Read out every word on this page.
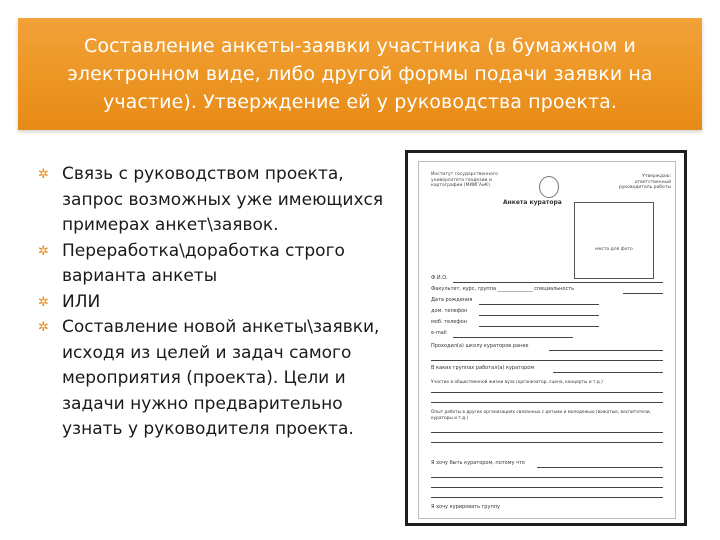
Составление анкеты-заявки участника (в бумажном и электронном виде, либо другой формы подачи заявки на участие). Утверждение ей у руководства проекта.
✲ Связь с руководством проекта, запрос возможных уже имеющихся примерах анкет\заявок.
✲ Переработка\доработка строго варианта анкеты
✲ ИЛИ
✲ Составление новой анкеты\заявки, исходя из целей и задач самого мероприятия (проекта). Цели и задачи нужно предварительно узнать у руководителя проекта.
Институт государственного университета геодезии и картографии (МИИГАиК)
Утверждаю: ответственный руководитель работы
Анкета куратора
место для фото
Ф.И.О.
Факультет, курс, группа ______________ специальность
Дата рождения
дом. телефон
моб. телефон
e-mail
Проходил(а) школу кураторов ранее
В каких группах работал(а) куратором
Участие в общественной жизни вуза (организатор, сцена, концерты и т.д.)
Опыт работы в других организациях связанных с детьми и молодежью (вожатые, воспитатели, кураторы и т.д.)
Я хочу быть куратором, потому что
Я хочу курировать группу
